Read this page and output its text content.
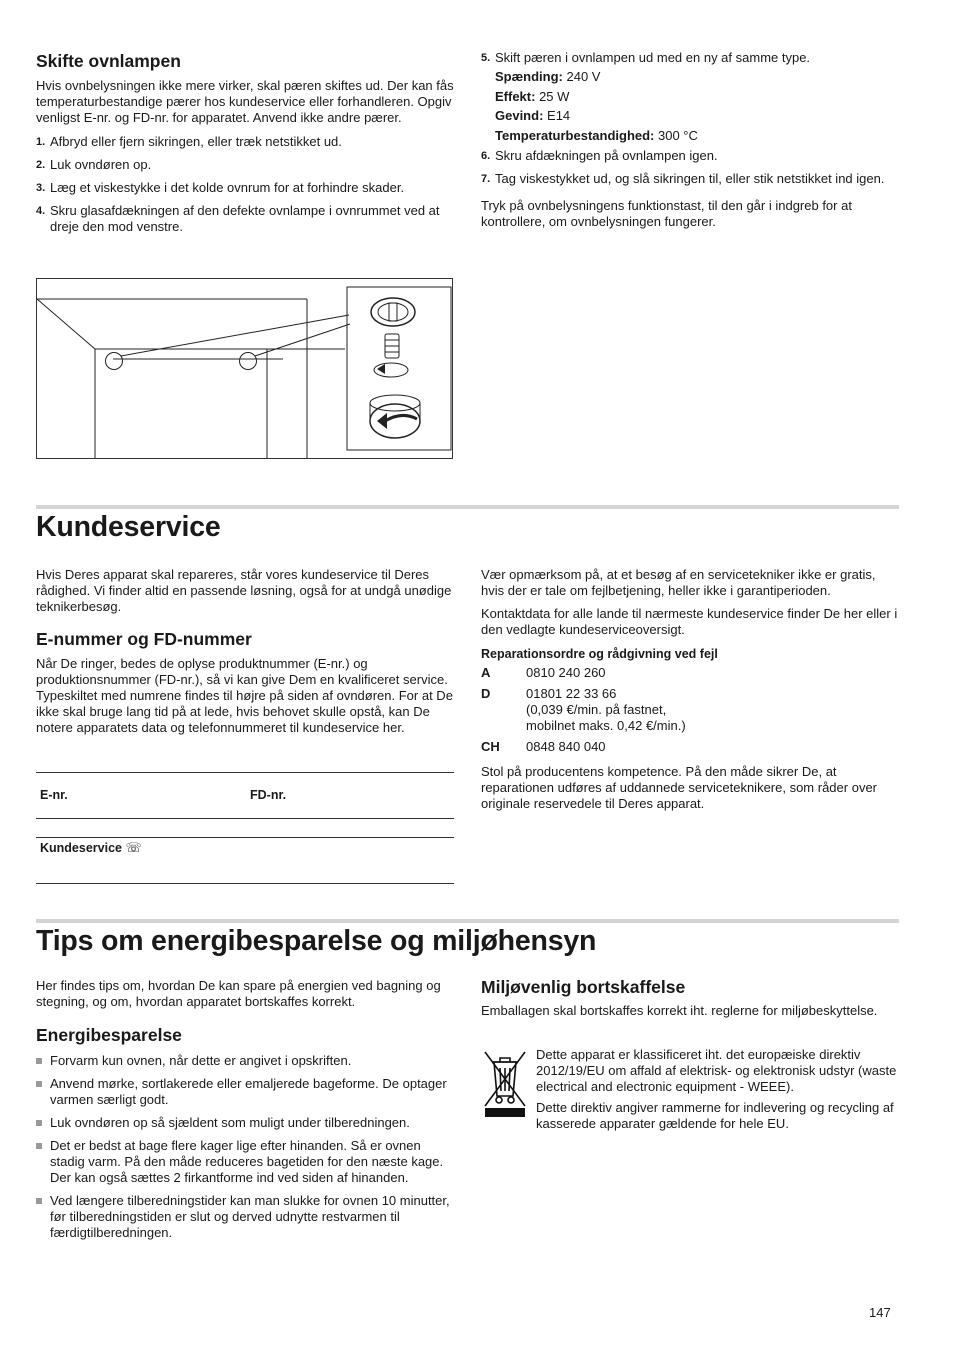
Skifte ovnlampen

Hvis ovnbelysningen ikke mere virker, skal pæren skiftes ud. Der kan fås temperaturbestandige pærer hos kundeservice eller forhandleren. Opgiv venligst E-nr. og FD-nr. for apparatet. Anvend ikke andre pærer.

1. Afbryd eller fjern sikringen, eller træk netstikket ud.
2. Luk ovndøren op.
3. Læg et viskestykke i det kolde ovnrum for at forhindre skader.
4. Skru glasafdækningen af den defekte ovnlampe i ovnrummet ved at dreje den mod venstre.
5. Skift pæren i ovnlampen ud med en ny af samme type.
Spænding: 240 V
Effekt: 25 W
Gevind: E14
Temperaturbestandighed: 300 °C
6. Skru afdækningen på ovnlampen igen.
7. Tag viskestykket ud, og slå sikringen til, eller stik netstikket ind igen.

Tryk på ovnbelysningens funktionstast, til den går i indgreb for at kontrollere, om ovnbelysningen fungerer.

Kundeservice

Hvis Deres apparat skal repareres, står vores kundeservice til Deres rådighed. Vi finder altid en passende løsning, også for at undgå unødige teknikerbesøg.

E-nummer og FD-nummer

Når De ringer, bedes de oplyse produktnummer (E-nr.) og produktionsnummer (FD-nr.), så vi kan give Dem en kvalificeret service. Typeskiltet med numrene findes til højre på siden af ovndøren. For at De ikke skal bruge lang tid på at lede, hvis behovet skulle opstå, kan De notere apparatets data og telefonnummeret til kundeservice her.

E-nr.	FD-nr.
Kundeservice ☏

Vær opmærksom på, at et besøg af en servicetekniker ikke er gratis, hvis der er tale om fejlbetjening, heller ikke i garantiperioden.

Kontaktdata for alle lande til nærmeste kundeservice finder De her eller i den vedlagte kundeserviceoversigt.

Reparationsordre og rådgivning ved fejl
A	0810 240 260
D	01801 22 33 66
(0,039 €/min. på fastnet,
mobilnet maks. 0,42 €/min.)
CH 0848 840 040

Stol på producentens kompetence. På den måde sikrer De, at reparationen udføres af uddannede serviceteknikere, som råder over originale reservedele til Deres apparat.

Tips om energibesparelse og miljøhensyn

Her findes tips om, hvordan De kan spare på energien ved bagning og stegning, og om, hvordan apparatet bortskaffes korrekt.

Energibesparelse
Forvarm kun ovnen, når dette er angivet i opskriften.
Anvend mørke, sortlakerede eller emaljerede bageforme. De optager varmen særligt godt.
Luk ovndøren op så sjældent som muligt under tilberedningen.
Det er bedst at bage flere kager lige efter hinanden. Så er ovnen stadig varm. På den måde reduceres bagetiden for den næste kage. Der kan også sættes 2 firkantforme ind ved siden af hinanden.
Ved længere tilberedningstider kan man slukke for ovnen 10 minutter, før tilberedningstiden er slut og derved udnytte restvarmen til færdigtilberedningen.
Miljøvenlig bortskaffelse

Emballagen skal bortskaffes korrekt iht. reglerne for miljøbeskyttelse.

Dette apparat er klassificeret iht. det europæiske direktiv 2012/19/EU om affald af elektrisk- og elektronisk udstyr (waste electrical and electronic equipment - WEEE).

Dette direktiv angiver rammerne for indlevering og recycling af kasserede apparater gældende for hele EU.

147
